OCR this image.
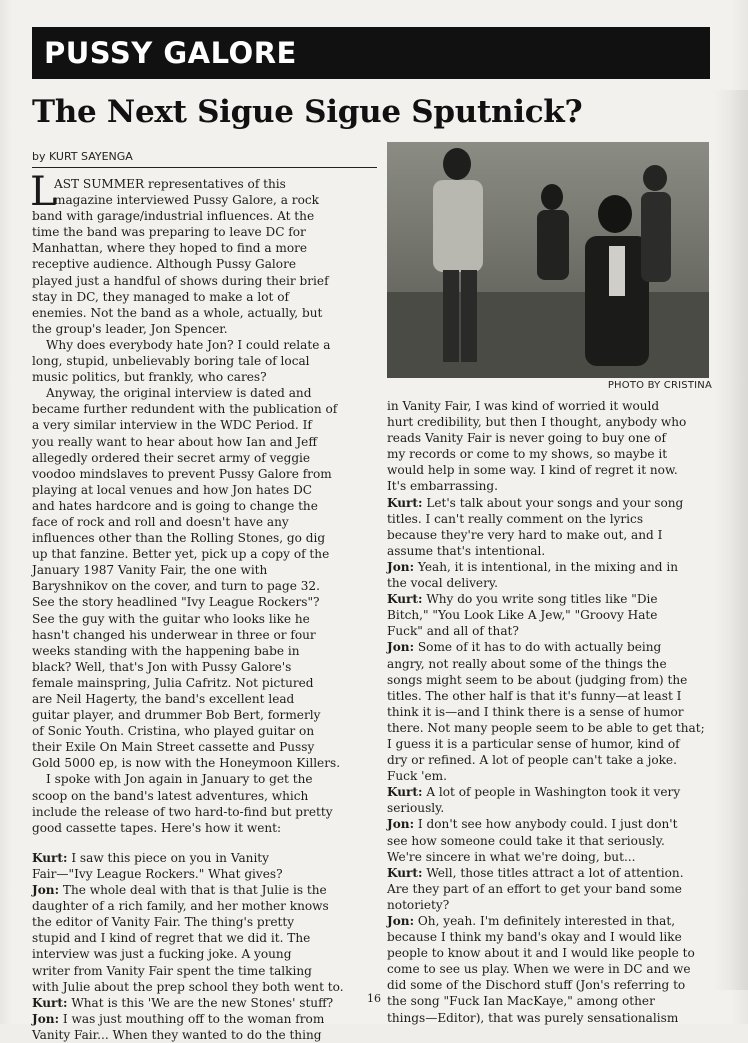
PUSSY GALORE
The Next Sigue Sigue Sputnick?
by KURT SAYENGA
PHOTO BY CRISTINA
L

AST SUMMER representatives of this

magazine interviewed Pussy Galore, a rock

band with garage/industrial influences. At the

time the band was preparing to leave DC for

Manhattan, where they hoped to find a more

receptive audience. Although Pussy Galore

played just a handful of shows during their brief

stay in DC, they managed to make a lot of

enemies. Not the band as a whole, actually, but

the group's leader, Jon Spencer.

Why does everybody hate Jon? I could relate a

long, stupid, unbelievably boring tale of local

music politics, but frankly, who cares?

Anyway, the original interview is dated and

became further redundent with the publication of

a very similar interview in the WDC Period. If

you really want to hear about how Ian and Jeff

allegedly ordered their secret army of veggie

voodoo mindslaves to prevent Pussy Galore from

playing at local venues and how Jon hates DC

and hates hardcore and is going to change the

face of rock and roll and doesn't have any

influences other than the Rolling Stones, go dig

up that fanzine. Better yet, pick up a copy of the

January 1987 Vanity Fair, the one with

Baryshnikov on the cover, and turn to page 32.

See the story headlined "Ivy League Rockers"?

See the guy with the guitar who looks like he

hasn't changed his underwear in three or four

weeks standing with the happening babe in

black? Well, that's Jon with Pussy Galore's

female mainspring, Julia Cafritz. Not pictured

are Neil Hagerty, the band's excellent lead

guitar player, and drummer Bob Bert, formerly

of Sonic Youth. Cristina, who played guitar on

their Exile On Main Street cassette and Pussy

Gold 5000 ep, is now with the Honeymoon Killers.

I spoke with Jon again in January to get the

scoop on the band's latest adventures, which

include the release of two hard-to-find but pretty

good cassette tapes. Here's how it went:

Kurt: I saw this piece on you in Vanity

Fair—"Ivy League Rockers." What gives?

Jon: The whole deal with that is that Julie is the

daughter of a rich family, and her mother knows

the editor of Vanity Fair. The thing's pretty

stupid and I kind of regret that we did it. The

interview was just a fucking joke. A young

writer from Vanity Fair spent the time talking

with Julie about the prep school they both went to.

Kurt: What is this 'We are the new Stones' stuff?

Jon: I was just mouthing off to the woman from

Vanity Fair... When they wanted to do the thing

in Vanity Fair, I was kind of worried it would

hurt credibility, but then I thought, anybody who

reads Vanity Fair is never going to buy one of

my records or come to my shows, so maybe it

would help in some way. I kind of regret it now.

It's embarrassing.

Kurt: Let's talk about your songs and your song

titles. I can't really comment on the lyrics

because they're very hard to make out, and I

assume that's intentional.

Jon: Yeah, it is intentional, in the mixing and in

the vocal delivery.

Kurt: Why do you write song titles like "Die

Bitch," "You Look Like A Jew," "Groovy Hate

Fuck" and all of that?

Jon: Some of it has to do with actually being

angry, not really about some of the things the

songs might seem to be about (judging from) the

titles. The other half is that it's funny—at least I

think it is—and I think there is a sense of humor

there. Not many people seem to be able to get that;

I guess it is a particular sense of humor, kind of

dry or refined. A lot of people can't take a joke.

Fuck 'em.

Kurt: A lot of people in Washington took it very

seriously.

Jon: I don't see how anybody could. I just don't

see how someone could take it that seriously.

We're sincere in what we're doing, but...

Kurt: Well, those titles attract a lot of attention.

Are they part of an effort to get your band some

notoriety?

Jon: Oh, yeah. I'm definitely interested in that,

because I think my band's okay and I would like

people to know about it and I would like people to

come to see us play. When we were in DC and we

did some of the Dischord stuff (Jon's referring to

the song "Fuck Ian MacKaye," among other

things—Editor), that was purely sensationalism

16
